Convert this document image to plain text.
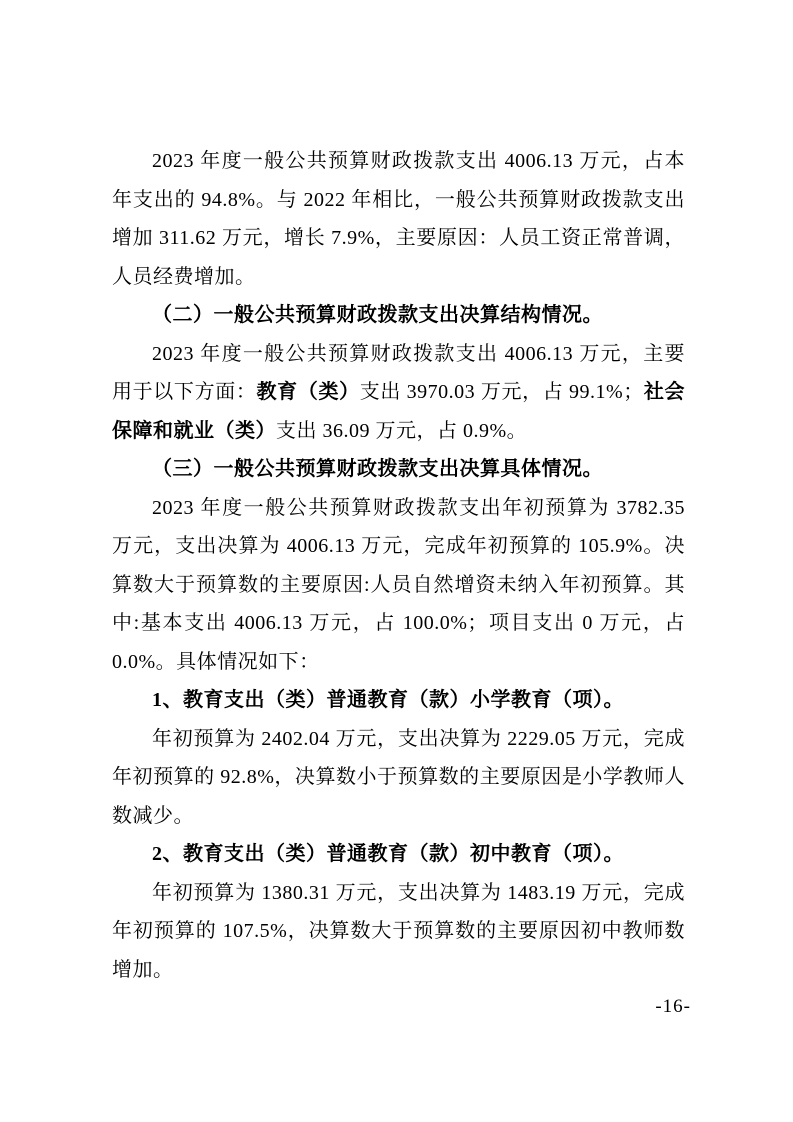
2023 年度一般公共预算财政拨款支出 4006.13 万元，占本年支出的 94.8%。与 2022 年相比，一般公共预算财政拨款支出增加 311.62 万元，增长 7.9%，主要原因：人员工资正常普调，人员经费增加。

（二）一般公共预算财政拨款支出决算结构情况。

2023 年度一般公共预算财政拨款支出 4006.13 万元，主要用于以下方面：教育（类）支出 3970.03 万元，占 99.1%；社会保障和就业（类）支出 36.09 万元，占 0.9%。

（三）一般公共预算财政拨款支出决算具体情况。

2023 年度一般公共预算财政拨款支出年初预算为 3782.35 万元，支出决算为 4006.13 万元，完成年初预算的 105.9%。决算数大于预算数的主要原因:人员自然增资未纳入年初预算。其中:基本支出 4006.13 万元，占 100.0%；项目支出 0 万元，占 0.0%。具体情况如下：

1、教育支出（类）普通教育（款）小学教育（项）。

年初预算为 2402.04 万元，支出决算为 2229.05 万元，完成年初预算的 92.8%，决算数小于预算数的主要原因是小学教师人数减少。

2、教育支出（类）普通教育（款）初中教育（项）。

年初预算为 1380.31 万元，支出决算为 1483.19 万元，完成年初预算的 107.5%，决算数大于预算数的主要原因初中教师数增加。

-16-
